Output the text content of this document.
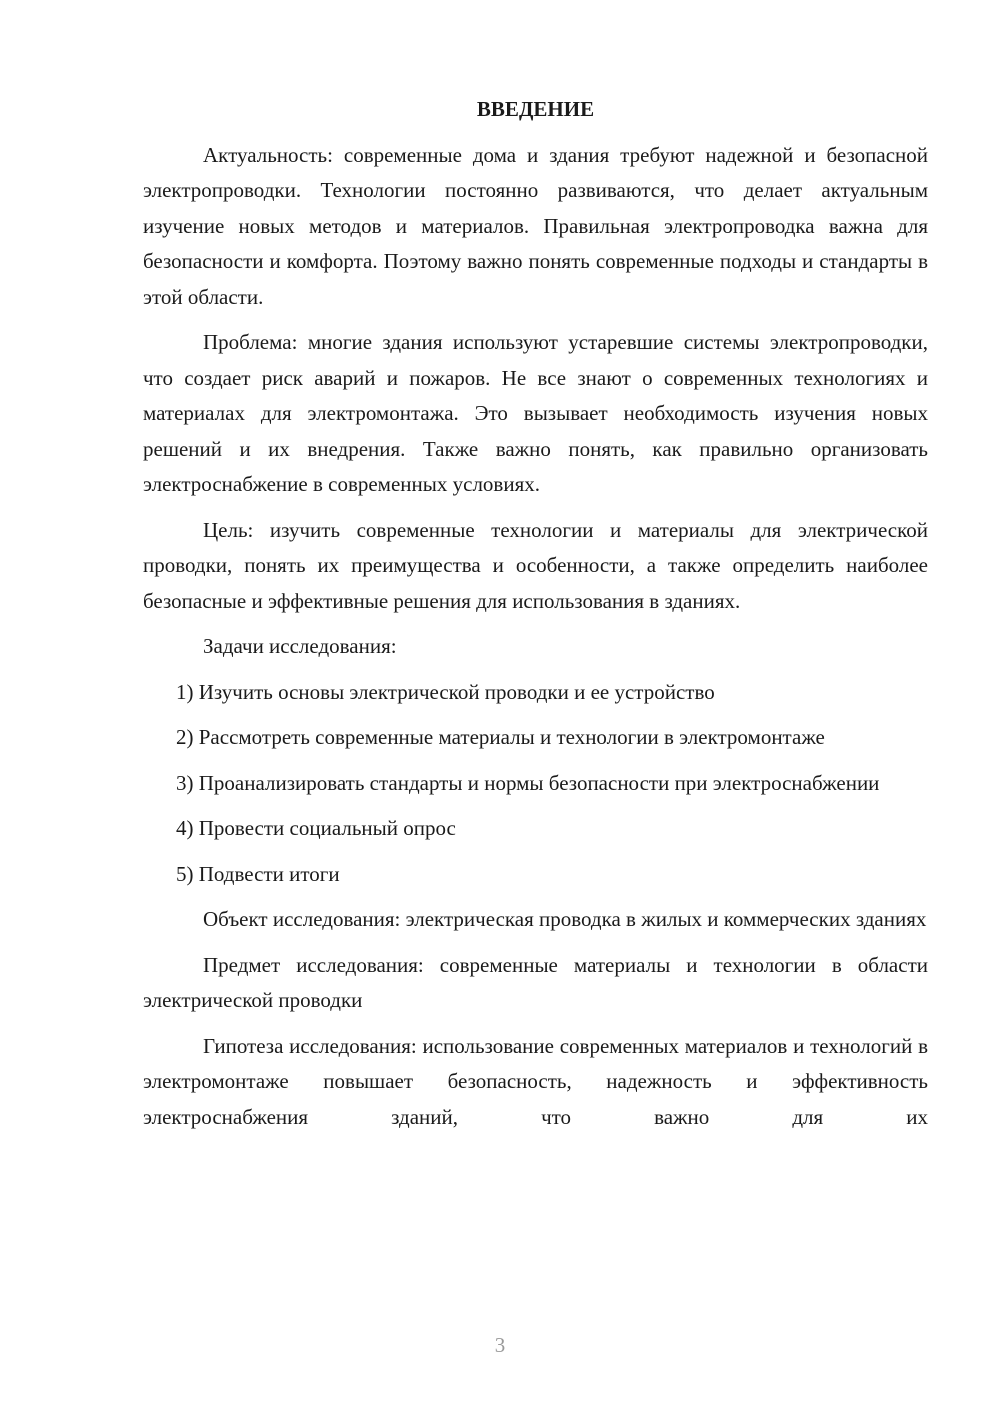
ВВЕДЕНИЕ
Актуальность: современные дома и здания требуют надежной и безопасной электропроводки. Технологии постоянно развиваются, что делает актуальным изучение новых методов и материалов. Правильная электропроводка важна для безопасности и комфорта. Поэтому важно понять современные подходы и стандарты в этой области.
Проблема: многие здания используют устаревшие системы электропроводки, что создает риск аварий и пожаров. Не все знают о современных технологиях и материалах для электромонтажа. Это вызывает необходимость изучения новых решений и их внедрения. Также важно понять, как правильно организовать электроснабжение в современных условиях.
Цель: изучить современные технологии и материалы для электрической проводки, понять их преимущества и особенности, а также определить наиболее безопасные и эффективные решения для использования в зданиях.
Задачи исследования:
1) Изучить основы электрической проводки и ее устройство
2) Рассмотреть современные материалы и технологии в электромонтаже
3) Проанализировать стандарты и нормы безопасности при электроснабжении
4) Провести социальный опрос
5) Подвести итоги
Объект исследования: электрическая проводка в жилых и коммерческих зданиях
Предмет исследования: современные материалы и технологии в области электрической проводки
Гипотеза исследования: использование современных материалов и технологий в электромонтаже повышает безопасность, надежность и эффективность электроснабжения зданий, что важно для их
3
